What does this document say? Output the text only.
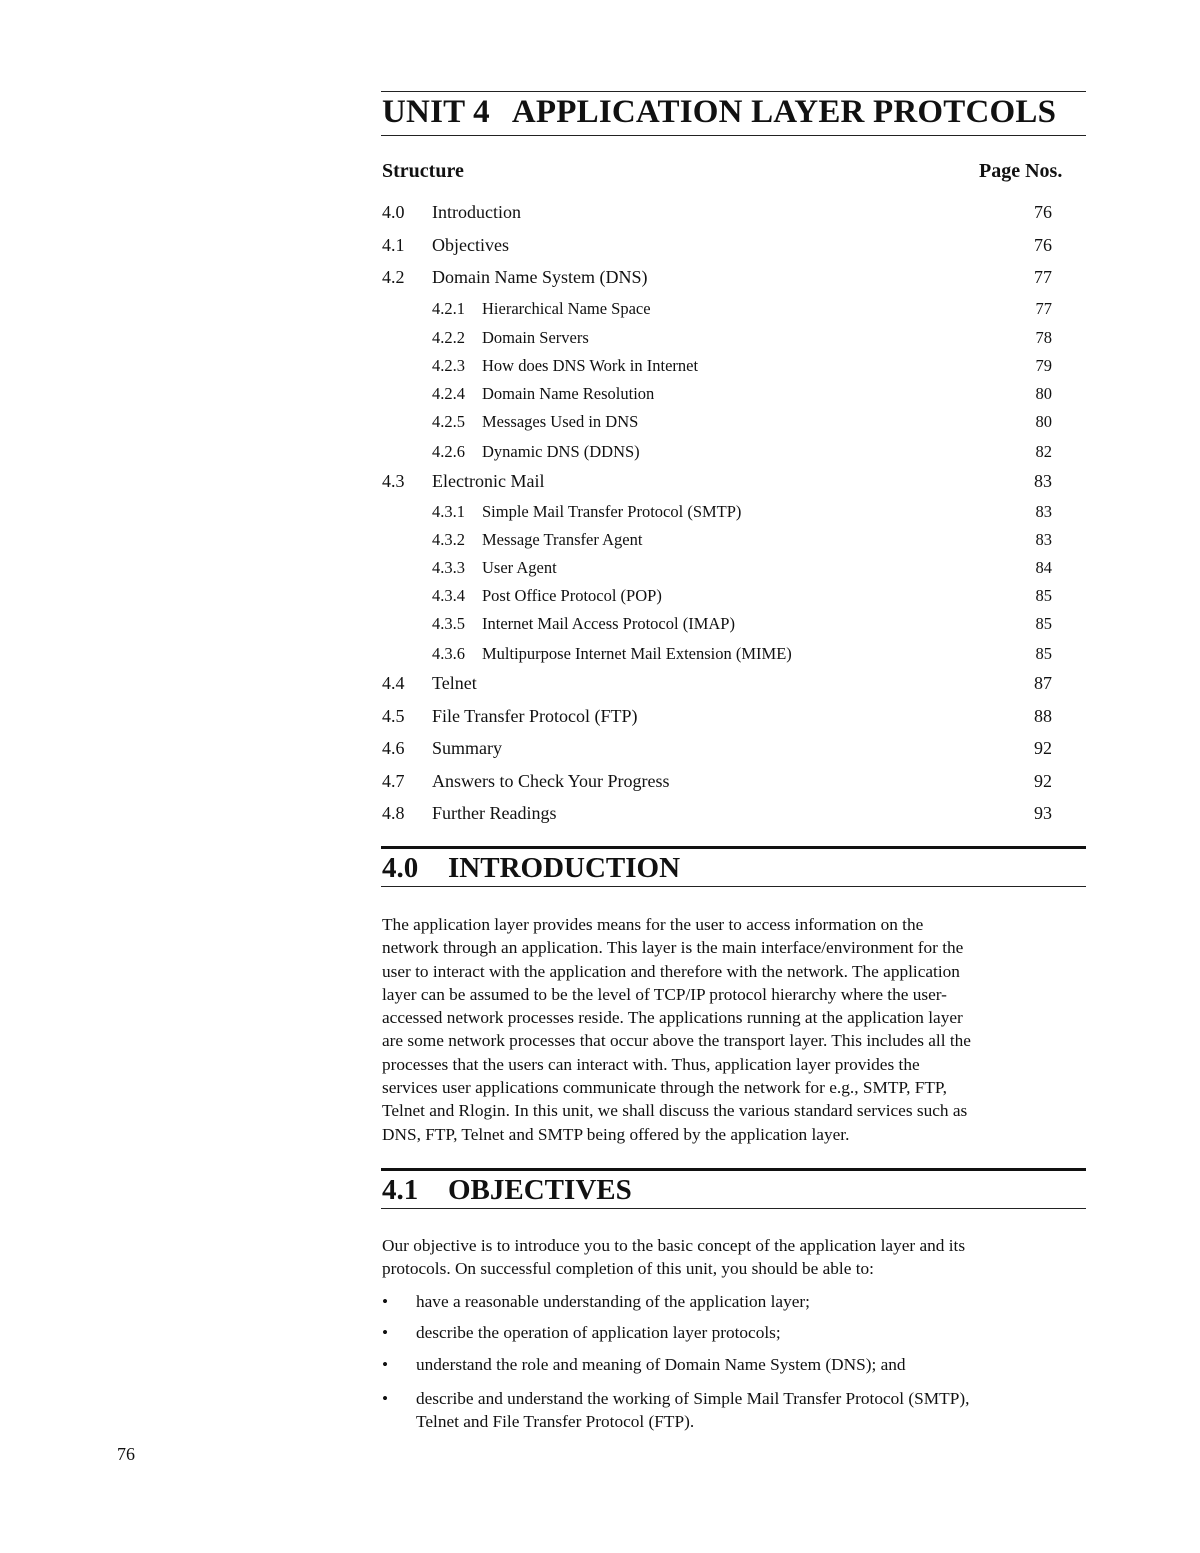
UNIT 4 APPLICATION LAYER PROTCOLS
Structure	Page Nos.
4.0 Introduction	76
4.1 Objectives	76
4.2 Domain Name System (DNS)	77
4.2.1 Hierarchical Name Space	77
4.2.2 Domain Servers	78
4.2.3 How does DNS Work in Internet	79
4.2.4 Domain Name Resolution	80
4.2.5 Messages Used in DNS	80
4.2.6 Dynamic DNS (DDNS)	82
4.3 Electronic Mail	83
4.3.1 Simple Mail Transfer Protocol (SMTP)	83
4.3.2 Message Transfer Agent	83
4.3.3 User Agent	84
4.3.4 Post Office Protocol (POP)	85
4.3.5 Internet Mail Access Protocol (IMAP)	85
4.3.6 Multipurpose Internet Mail Extension (MIME)	85
4.4 Telnet	87
4.5 File Transfer Protocol (FTP)	88
4.6 Summary	92
4.7 Answers to Check Your Progress	92
4.8 Further Readings	93
4.0 INTRODUCTION
The application layer provides means for the user to access information on the
network through an application. This layer is the main interface/environment for the
user to interact with the application and therefore with the network. The application
layer can be assumed to be the level of TCP/IP protocol hierarchy where the user-
accessed network processes reside. The applications running at the application layer
are some network processes that occur above the transport layer. This includes all the
processes that the users can interact with. Thus, application layer provides the
services user applications communicate through the network for e.g., SMTP, FTP,
Telnet and Rlogin. In this unit, we shall discuss the various standard services such as
DNS, FTP, Telnet and SMTP being offered by the application layer.
4.1 OBJECTIVES
Our objective is to introduce you to the basic concept of the application layer and its
protocols. On successful completion of this unit, you should be able to:
• have a reasonable understanding of the application layer;
• describe the operation of application layer protocols;
• understand the role and meaning of Domain Name System (DNS); and
• describe and understand the working of Simple Mail Transfer Protocol (SMTP),
Telnet and File Transfer Protocol (FTP).
76
